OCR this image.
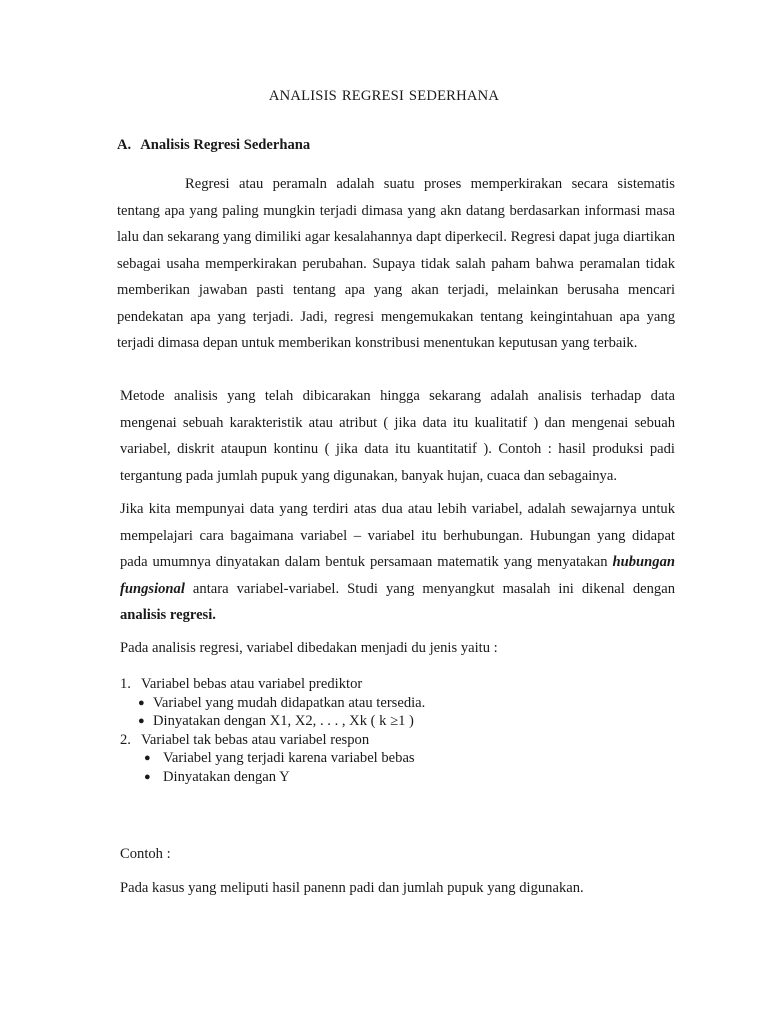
ANALISIS REGRESI SEDERHANA
A. Analisis Regresi Sederhana

Regresi atau peramaln adalah suatu proses memperkirakan secara sistematis tentang apa yang paling mungkin terjadi dimasa yang akn datang berdasarkan informasi masa lalu dan sekarang yang dimiliki agar kesalahannya dapt diperkecil. Regresi dapat juga diartikan sebagai usaha memperkirakan perubahan. Supaya tidak salah paham bahwa peramalan tidak memberikan jawaban pasti tentang apa yang akan terjadi, melainkan berusaha mencari pendekatan apa yang terjadi. Jadi, regresi mengemukakan tentang keingintahuan apa yang terjadi dimasa depan untuk memberikan konstribusi menentukan keputusan yang terbaik.

Metode analisis yang telah dibicarakan hingga sekarang adalah analisis terhadap data mengenai sebuah karakteristik atau atribut ( jika data itu kualitatif ) dan mengenai sebuah variabel, diskrit ataupun kontinu ( jika data itu kuantitatif ). Contoh : hasil produksi padi tergantung pada jumlah pupuk yang digunakan, banyak hujan, cuaca dan sebagainya.

Jika kita mempunyai data yang terdiri atas dua atau lebih variabel, adalah sewajarnya untuk mempelajari cara bagaimana variabel – variabel itu berhubungan. Hubungan yang didapat pada umumnya dinyatakan dalam bentuk persamaan matematik yang menyatakan hubungan fungsional antara variabel-variabel. Studi yang menyangkut masalah ini dikenal dengan analisis regresi.

Pada analisis regresi, variabel dibedakan menjadi du jenis yaitu :

1. Variabel bebas atau variabel prediktor
● Variabel yang mudah didapatkan atau tersedia.
● Dinyatakan dengan X1, X2, . . . , Xk ( k ≥1 )
2. Variabel tak bebas atau variabel respon
● Variabel yang terjadi karena variabel bebas
● Dinyatakan dengan Y
Contoh :
Pada kasus yang meliputi hasil panenn padi dan jumlah pupuk yang digunakan.
